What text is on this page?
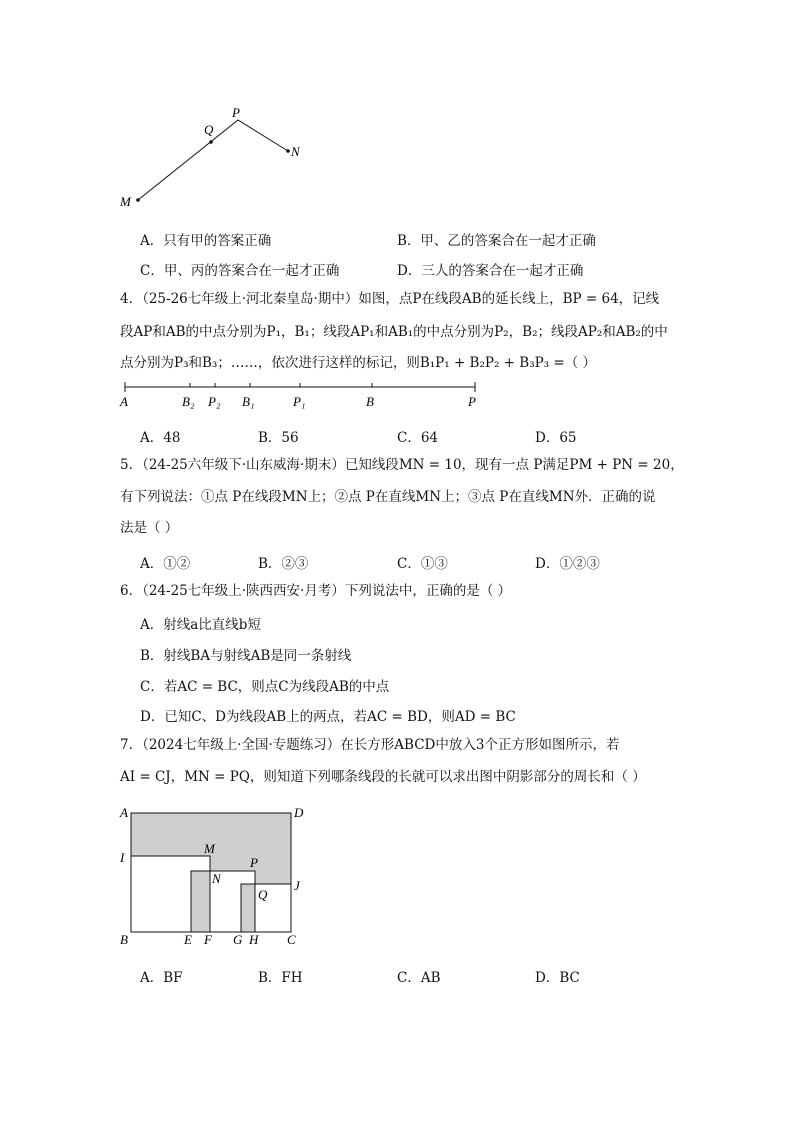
P
Q
N
M
A．只有甲的答案正确	B．甲、乙的答案合在一起才正确
C．甲、丙的答案合在一起才正确	D．三人的答案合在一起才正确
4．（25-26七年级上·河北秦皇岛·期中）如图，点P在线段AB的延长线上，BP = 64，记线
段AP和AB的中点分别为P₁，B₁；线段AP₁和AB₁的中点分别为P₂，B₂；线段AP₂和AB₂的中
点分别为P₃和B₃；……，依次进行这样的标记，则B₁P₁ + B₂P₂ + B₃P₃ =（ ）
A	B₂ P₂ B₁	P₁	B	P
A．48	B．56	C．64	D．65
5．（24-25六年级下·山东威海·期末）已知线段MN = 10，现有一点 P满足PM + PN = 20，
有下列说法：①点 P在线段MN上；②点 P在直线MN上；③点 P在直线MN外．正确的说
法是（ ）
A．①②	B．②③	C．①③	D．①②③
6．（24-25七年级上·陕西西安·月考）下列说法中，正确的是（ ）
A．射线a比直线b短
B．射线BA与射线AB是同一条射线
C．若AC = BC，则点C为线段AB的中点
D．已知C、D为线段AB上的两点，若AC = BD，则AD = BC
7．（2024七年级上·全国·专题练习）在长方形ABCD中放入3个正方形如图所示，若
AI = CJ，MN = PQ，则知道下列哪条线段的长就可以求出图中阴影部分的周长和（ ）
A	D
I
M
P
N	J
Q
B	E F G H C
A．BF	B．FH	C．AB	D．BC
